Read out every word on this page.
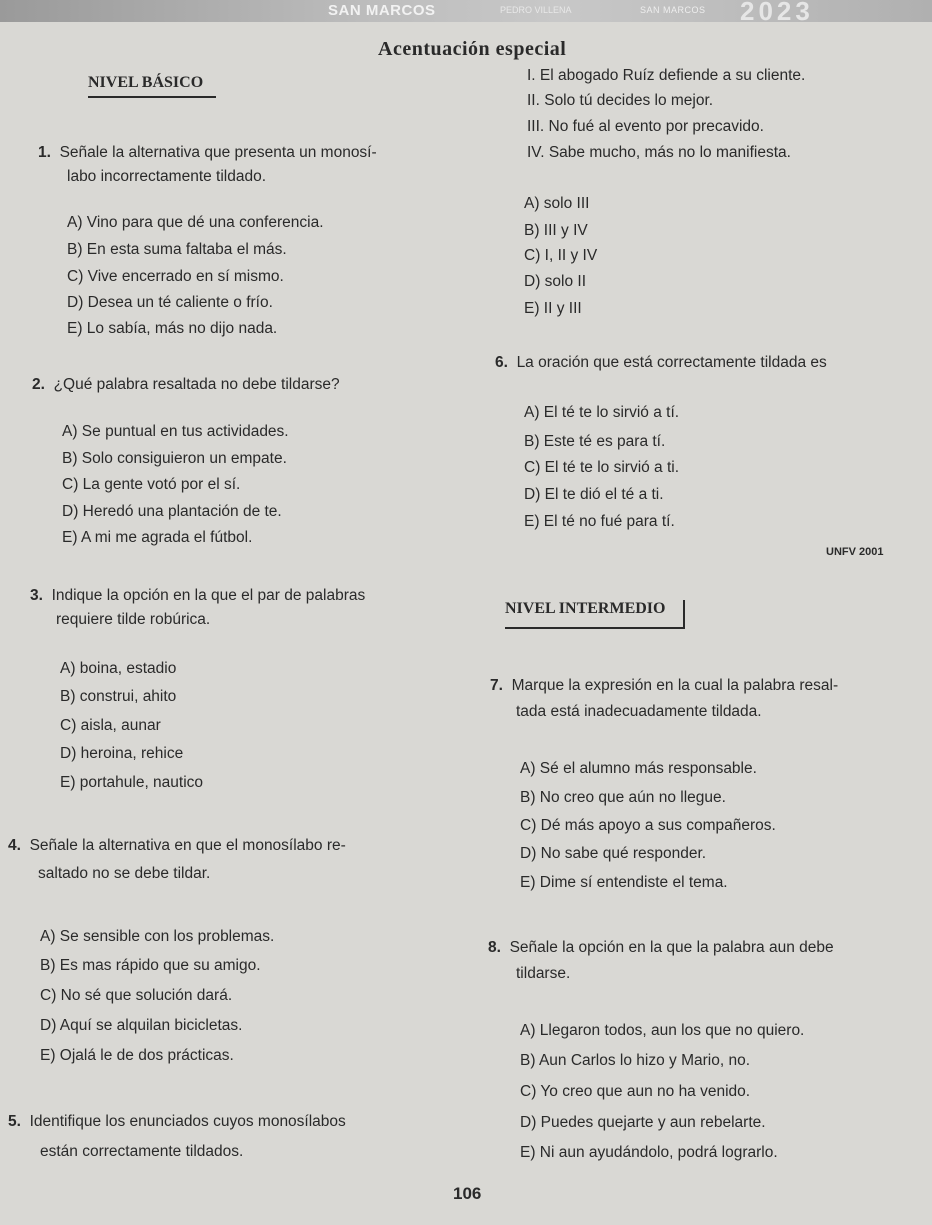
SAN MARCOS	PEDRO VILLENA	SAN MARCOS 2023
Acentuación especial
NIVEL BÁSICO
1. Señale la alternativa que presenta un monosí-
labo incorrectamente tildado.
A) Vino para que dé una conferencia.
B) En esta suma faltaba el más.
C) Vive encerrado en sí mismo.
D) Desea un té caliente o frío.
E) Lo sabía, más no dijo nada.
2. ¿Qué palabra resaltada no debe tildarse?
A) Se puntual en tus actividades.
B) Solo consiguieron un empate.
C) La gente votó por el sí.
D) Heredó una plantación de te.
E) A mi me agrada el fútbol.
3. Indique la opción en la que el par de palabras
requiere tilde robúrica.
A) boina, estadio
B) construi, ahito
C) aisla, aunar
D) heroina, rehice
E) portahule, nautico
4. Señale la alternativa en que el monosílabo re-
saltado no se debe tildar.
A) Se sensible con los problemas.
B) Es mas rápido que su amigo.
C) No sé que solución dará.
D) Aquí se alquilan bicicletas.
E) Ojalá le de dos prácticas.
5. Identifique los enunciados cuyos monosílabos
están correctamente tildados.
I. El abogado Ruíz defiende a su cliente.
II. Solo tú decides lo mejor.
III. No fué al evento por precavido.
IV. Sabe mucho, más no lo manifiesta.
A) solo III
B) III y IV
C) I, II y IV
D) solo II
E) II y III
6. La oración que está correctamente tildada es
A) El té te lo sirvió a tí.
B) Este té es para tí.
C) El té te lo sirvió a ti.
D) El te dió el té a ti.
E) El té no fué para tí.
UNFV 2001
NIVEL INTERMEDIO
7. Marque la expresión en la cual la palabra resal-
tada está inadecuadamente tildada.
A) Sé el alumno más responsable.
B) No creo que aún no llegue.
C) Dé más apoyo a sus compañeros.
D) No sabe qué responder.
E) Dime sí entendiste el tema.
8. Señale la opción en la que la palabra aun debe
tildarse.
A) Llegaron todos, aun los que no quiero.
B) Aun Carlos lo hizo y Mario, no.
C) Yo creo que aun no ha venido.
D) Puedes quejarte y aun rebelarte.
E) Ni aun ayudándolo, podrá lograrlo.
106
